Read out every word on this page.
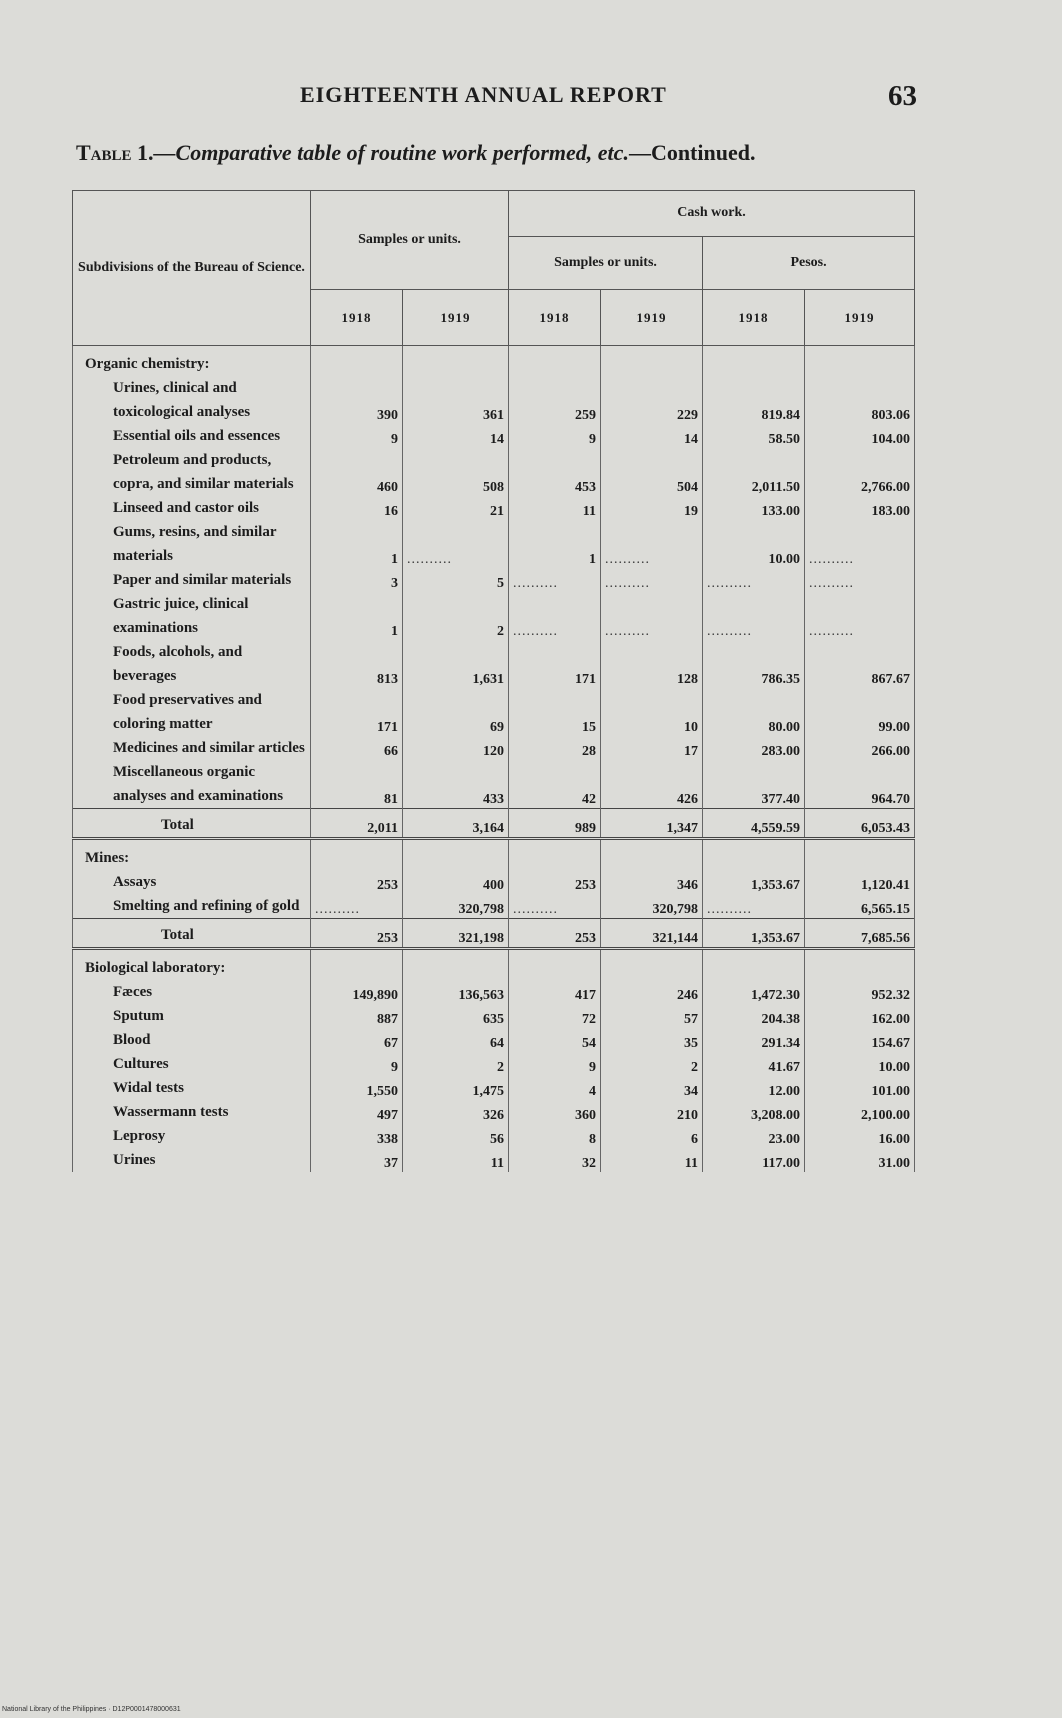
EIGHTEENTH ANNUAL REPORT	63
Table 1.—Comparative table of routine work performed, etc.—Continued.
Subdivisions of the Bureau of Science.	Samples or units.		Cash work.			
			Samples or units.		Pesos.	
	1918	1919	1918	1919	1918	1919
Organic chemistry:						
Urines, clinical and toxicological analyses	390	361	259	229	819.84	803.06
Essential oils and essences	9	14	9	14	58.50	104.00
Petroleum and products, copra, and similar materials	460	508	453	504	2,011.50	2,766.00
Linseed and castor oils	16	21	11	19	133.00	183.00
Gums, resins, and similar materials	1	..........	1	..........	10.00	..........
Paper and similar materials	3	5	..........	..........	..........	..........
Gastric juice, clinical examinations	1	2	..........	..........	..........	..........
Foods, alcohols, and beverages	813	1,631	171	128	786.35	867.67
Food preservatives and coloring matter	171	69	15	10	80.00	99.00
Medicines and similar articles	66	120	28	17	283.00	266.00
Miscellaneous organic analyses and examinations	81	433	42	426	377.40	964.70
Total	2,011	3,164	989	1,347	4,559.59	6,053.43
Mines:						
Assays	253	400	253	346	1,353.67	1,120.41
Smelting and refining of gold	..........	320,798	..........	320,798	..........	6,565.15
Total	253	321,198	253	321,144	1,353.67	7,685.56
Biological laboratory:						
Fæces	149,890	136,563	417	246	1,472.30	952.32
Sputum	887	635	72	57	204.38	162.00
Blood	67	64	54	35	291.34	154.67
Cultures	9	2	9	2	41.67	10.00
Widal tests	1,550	1,475	4	34	12.00	101.00
Wassermann tests	497	326	360	210	3,208.00	2,100.00
Leprosy	338	56	8	6	23.00	16.00
Urines	37	11	32	11	117.00	31.00
National Library of the Philippines · D12P0001478000631
